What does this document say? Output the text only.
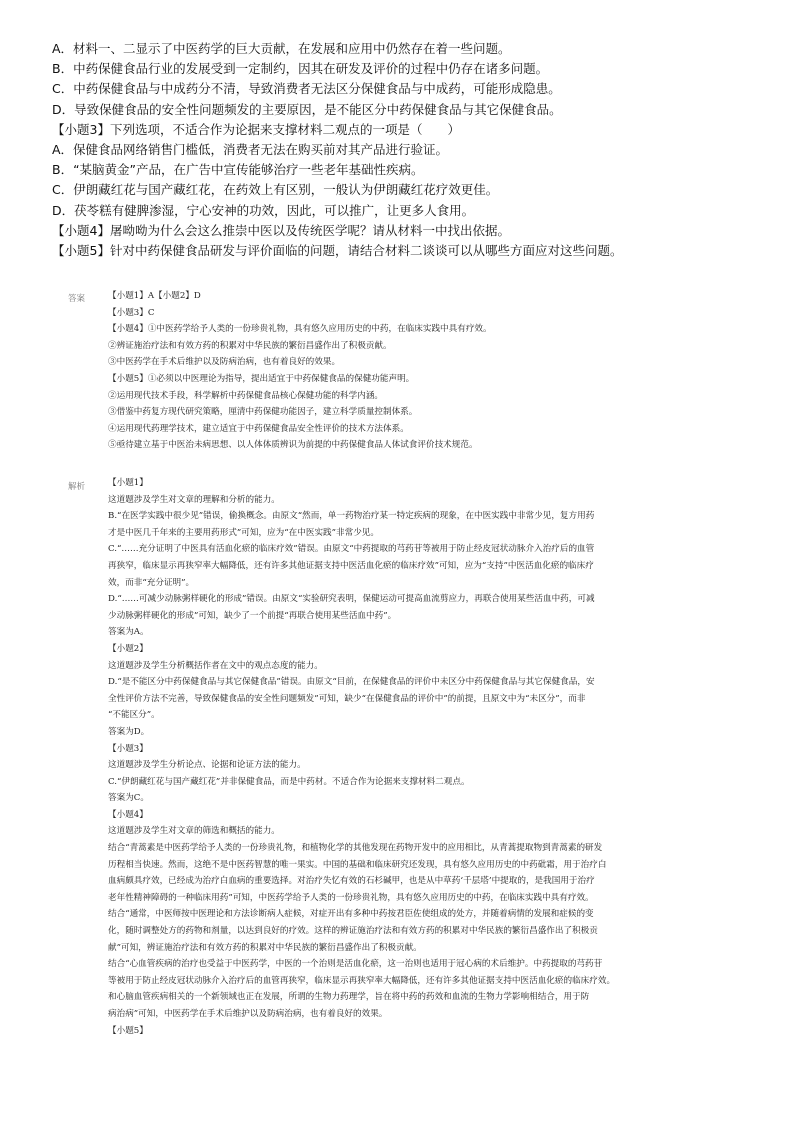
A．材料一、二显示了中医药学的巨大贡献，在发展和应用中仍然存在着一些问题。
B．中药保健食品行业的发展受到一定制约，因其在研发及评价的过程中仍存在诸多问题。
C．中药保健食品与中成药分不清，导致消费者无法区分保健食品与中成药，可能形成隐患。
D．导致保健食品的安全性问题频发的主要原因，是不能区分中药保健食品与其它保健食品。
【小题3】下列选项，不适合作为论据来支撑材料二观点的一项是（　　）
A．保健食品网络销售门槛低，消费者无法在购买前对其产品进行验证。
B．“某脑黄金”产品，在广告中宣传能够治疗一些老年基础性疾病。
C．伊朗藏红花与国产藏红花，在药效上有区别，一般认为伊朗藏红花疗效更佳。
D．茯苓糕有健脾渗湿，宁心安神的功效，因此，可以推广，让更多人食用。
【小题4】屠呦呦为什么会这么推崇中医以及传统医学呢？请从材料一中找出依据。
【小题5】针对中药保健食品研发与评价面临的问题，请结合材料二谈谈可以从哪些方面应对这些问题。
答案	【小题1】A【小题2】D
【小题3】C
【小题4】①中医药学给予人类的一份珍贵礼物，具有悠久应用历史的中药，在临床实践中具有疗效。
②辨证施治疗法和有效方药的积累对中华民族的繁衍昌盛作出了积极贡献。
③中医药学在手术后维护以及防病治病，也有着良好的效果。
【小题5】①必须以中医理论为指导，提出适宜于中药保健食品的保健功能声明。
②运用现代技术手段，科学解析中药保健食品核心保健功能的科学内涵。
③借鉴中药复方现代研究策略，厘清中药保健功能因子，建立科学质量控制体系。
④运用现代药理学技术，建立适宜于中药保健食品安全性评价的技术方法体系。
⑤亟待建立基于中医治未病思想、以人体体质辨识为前提的中药保健食品人体试食评价技术规范。
解析	【小题1】
这道题涉及学生对文章的理解和分析的能力。
B.“在医学实践中很少见”错误，偷换概念。由原文“然而，单一药物治疗某一特定疾病的现象，在中医实践中非常少见，复方用药
才是中医几千年来的主要用药形式”可知，应为“在中医实践”非常少见。
C.“……充分证明了中医具有活血化瘀的临床疗效”错误。由原文“中药提取的芎药苷等被用于防止经皮冠状动脉介入治疗后的血管
再狭窄，临床显示再狭窄率大幅降低，还有许多其他证据支持中医活血化瘀的临床疗效”可知，应为“支持”中医活血化瘀的临床疗
效，而非“充分证明”。
D.“……可减少动脉粥样硬化的形成”错误。由原文“实验研究表明，保健运动可提高血流剪应力，再联合使用某些活血中药，可减
少动脉粥样硬化的形成”可知，缺少了一个前提“再联合使用某些活血中药”。
答案为A。
【小题2】
这道题涉及学生分析概括作者在文中的观点态度的能力。
D.“是不能区分中药保健食品与其它保健食品”错误。由原文“目前，在保健食品的评价中未区分中药保健食品与其它保健食品，安
全性评价方法不完善，导致保健食品的安全性问题频发”可知，缺少“在保健食品的评价中”的前提，且原文中为“未区分”，而非
“不能区分”。
答案为D。
【小题3】
这道题涉及学生分析论点、论据和论证方法的能力。
C.“伊朗藏红花与国产藏红花”并非保健食品，而是中药材。不适合作为论据来支撑材料二观点。
答案为C。
【小题4】
这道题涉及学生对文章的筛选和概括的能力。
结合“青蒿素是中医药学给予人类的一份珍贵礼物，和植物化学的其他发现在药物开发中的应用相比，从青蒿提取物到青蒿素的研发
历程相当快速。然而，这绝不是中医药智慧的唯一果实。中国的基础和临床研究还发现，具有悠久应用历史的中药砒霜，用于治疗白
血病颇具疗效，已经成为治疗白血病的重要选择。对治疗失忆有效的石杉碱甲，也是从中草药‘千层塔’中提取的，是我国用于治疗
老年性精神障碍的一种临床用药”可知，中医药学给予人类的一份珍贵礼物，具有悠久应用历史的中药，在临床实践中具有疗效。
结合“通常，中医师按中医理论和方法诊断病人症候，对症开出有多种中药按君臣佐使组成的处方，并随着病情的发展和症候的变
化，随时调整处方的药物和剂量，以达到良好的疗效。这样的辨证施治疗法和有效方药的积累对中华民族的繁衍昌盛作出了积极贡
献”可知，辨证施治疗法和有效方药的积累对中华民族的繁衍昌盛作出了积极贡献。
结合“心血管疾病的治疗也受益于中医药学，中医的一个治则是活血化瘀，这一治则也适用于冠心病的术后维护。中药提取的芎药苷
等被用于防止经皮冠状动脉介入治疗后的血管再狭窄，临床显示再狭窄率大幅降低，还有许多其他证据支持中医活血化瘀的临床疗效。
和心脑血管疾病相关的一个新领域也正在发展，所谓的生物力药理学，旨在将中药的药效和血流的生物力学影响相结合，用于防
病治病”可知，中医药学在手术后维护以及防病治病，也有着良好的效果。
【小题5】
